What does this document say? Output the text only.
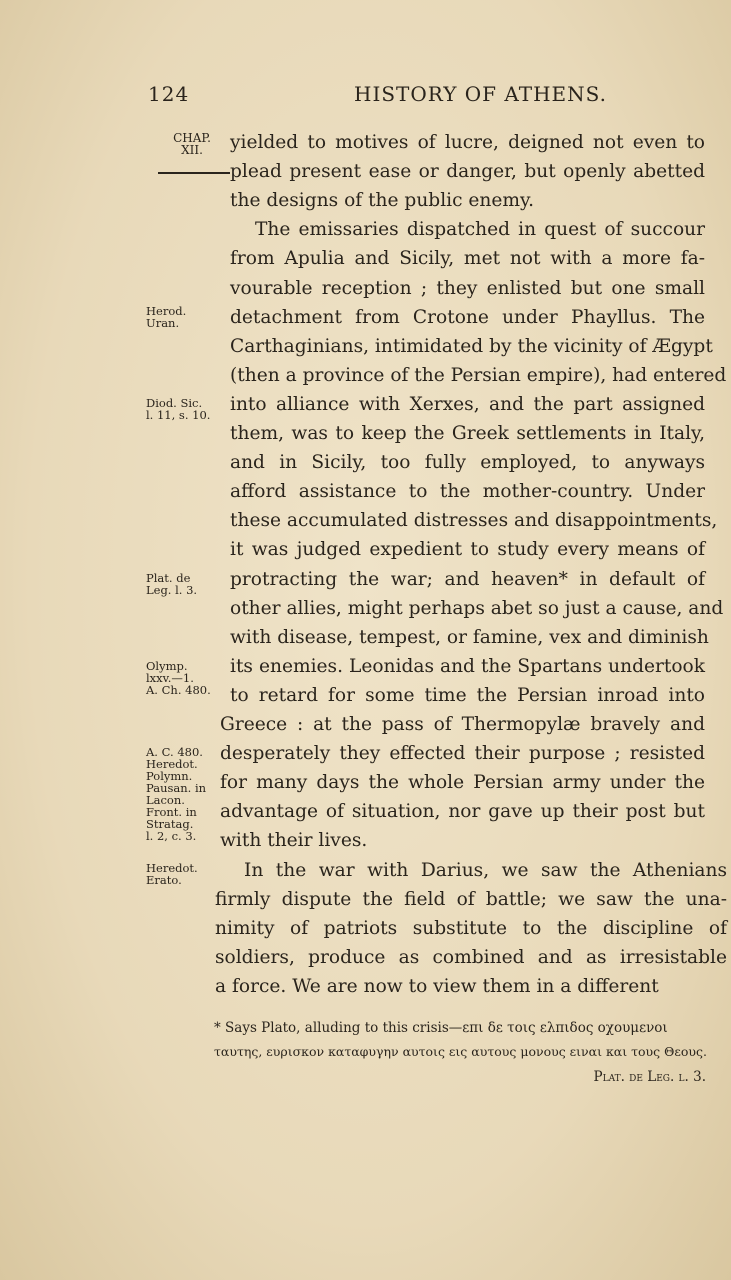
124	HISTORY OF ATHENS.
CHAP.
XII.
Herod.
Uran.
Diod. Sic.
l. 11, s. 10.
Plat. de
Leg. l. 3.
Olymp.
lxxv.—1.
A. Ch. 480.
A. C. 480.
Heredot.
Polymn.
Pausan. in
Lacon.
Front. in
Stratag.
l. 2, c. 3.
Heredot.
Erato.
yielded to motives of lucre, deigned not even to
plead present ease or danger, but openly abetted
the designs of the public enemy.
The emissaries dispatched in quest of succour
from Apulia and Sicily, met not with a more fa-
vourable reception ; they enlisted but one small
detachment from Crotone under Phayllus. The
Carthaginians, intimidated by the vicinity of Ægypt
(then a province of the Persian empire), had entered
into alliance with Xerxes, and the part assigned
them, was to keep the Greek settlements in Italy,
and in Sicily, too fully employed, to anyways
afford assistance to the mother-country. Under
these accumulated distresses and disappointments,
it was judged expedient to study every means of
protracting the war; and heaven* in default of
other allies, might perhaps abet so just a cause, and
with disease, tempest, or famine, vex and diminish
its enemies. Leonidas and the Spartans undertook
to retard for some time the Persian inroad into
Greece : at the pass of Thermopylæ bravely and
desperately they effected their purpose ; resisted
for many days the whole Persian army under the
advantage of situation, nor gave up their post but
with their lives.
In the war with Darius, we saw the Athenians
firmly dispute the field of battle; we saw the una-
nimity of patriots substitute to the discipline of
soldiers, produce as combined and as irresistable
a force. We are now to view them in a different
* Says Plato, alluding to this crisis—επι δε τοις ελπιδος οχουμενοι
ταυτης, ευρισκον καταφυγην αυτοις εις αυτους μονους ειναι και τους Θεους.
Plat. de Leg. l. 3.
